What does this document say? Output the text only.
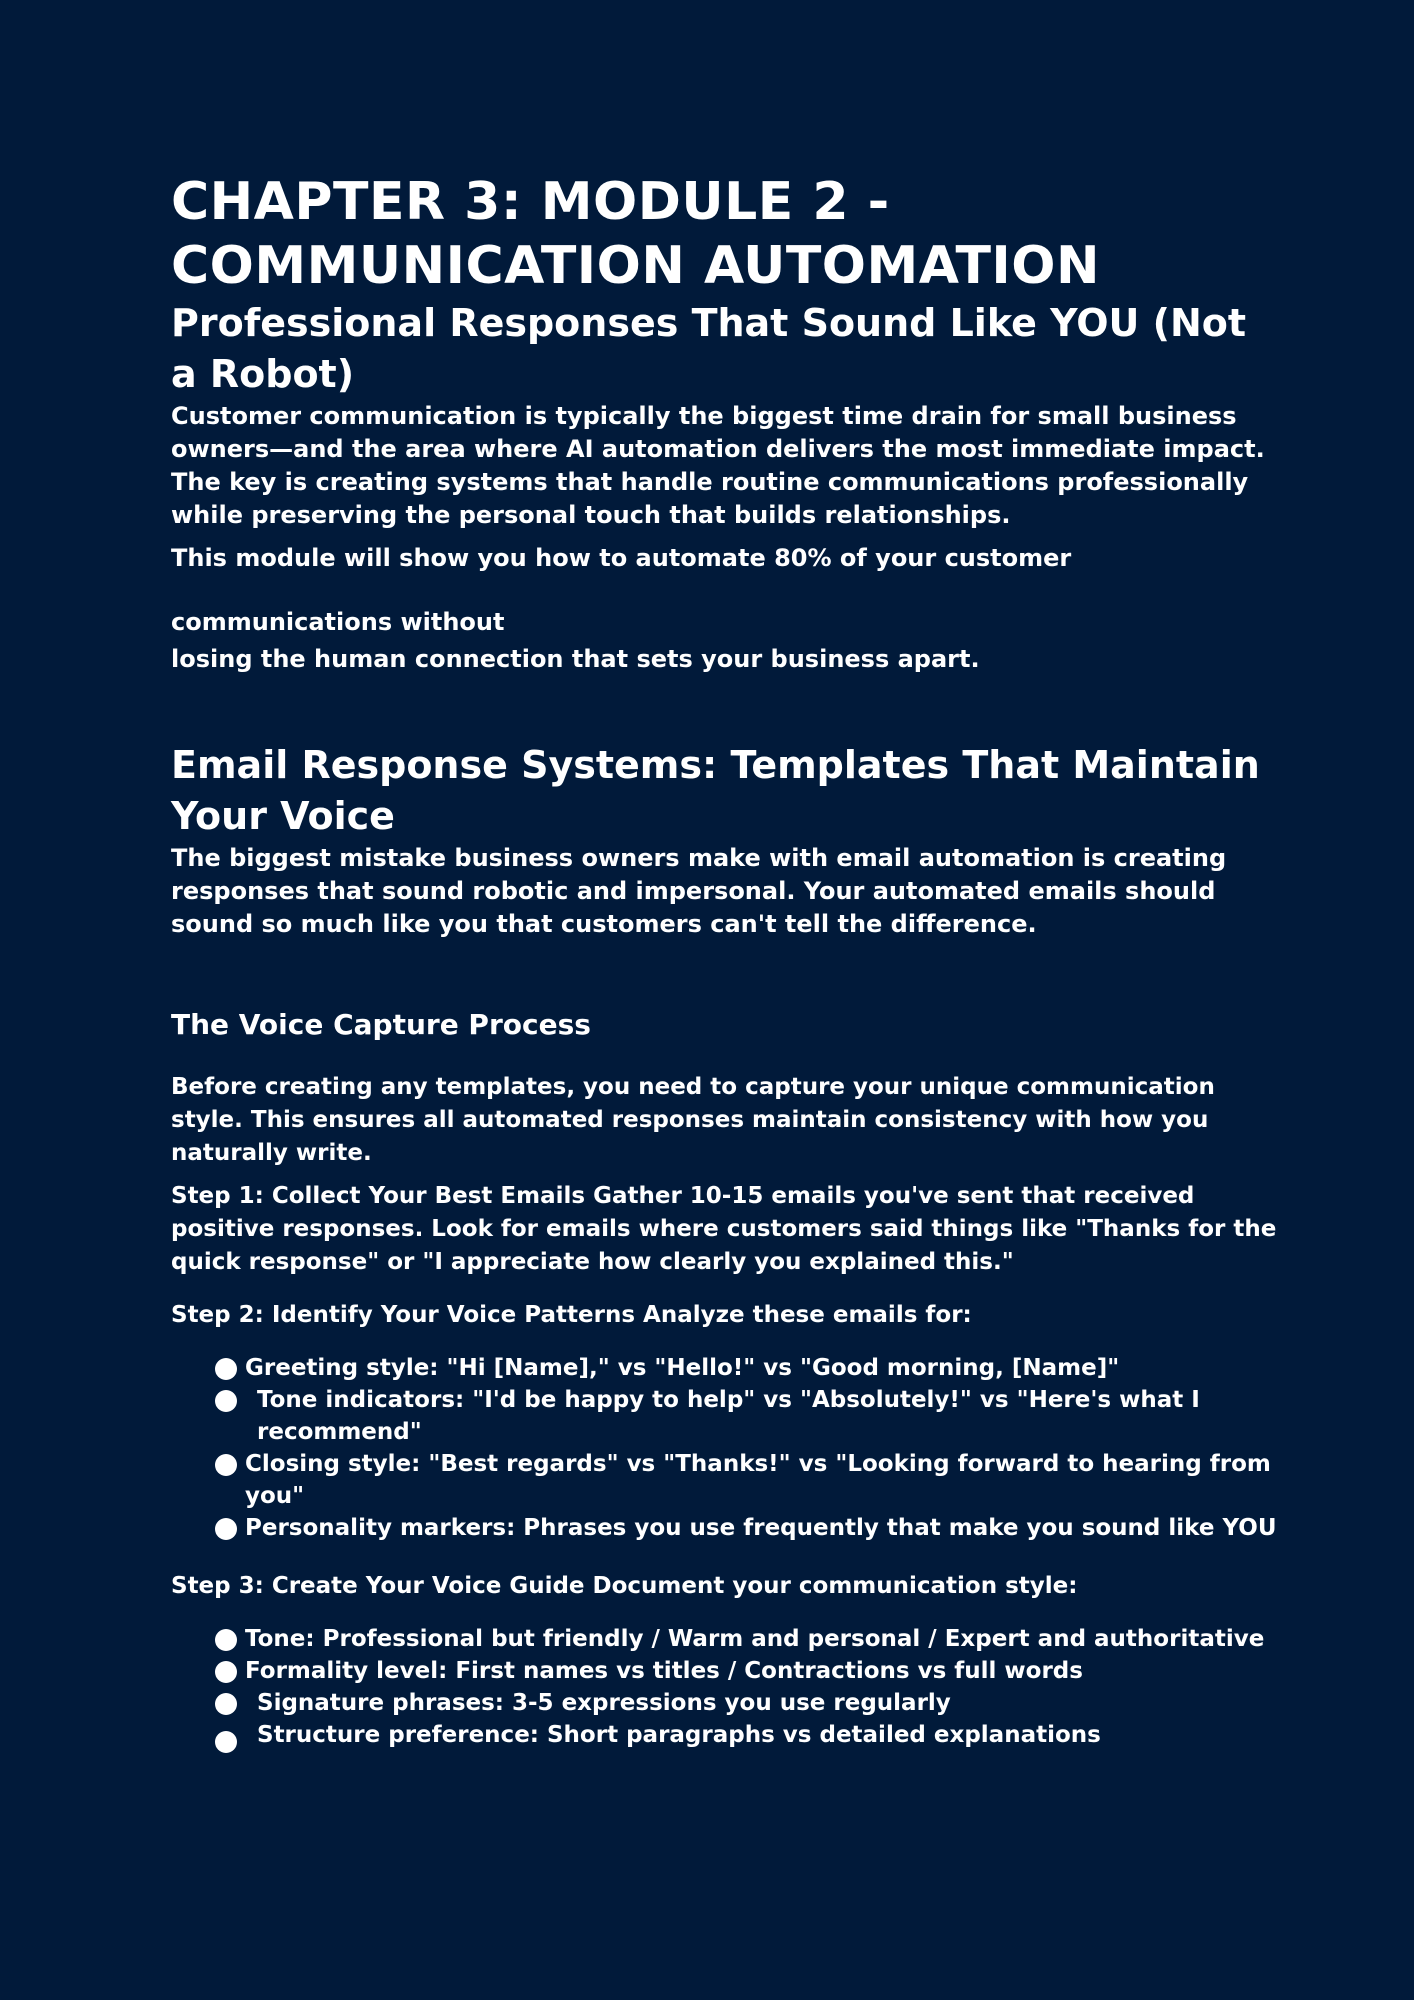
CHAPTER 3: MODULE 2 -
COMMUNICATION AUTOMATION
Professional Responses That Sound Like YOU (Not a Robot)

Customer communication is typically the biggest time drain for small business owners—and the area where AI automation delivers the most immediate impact. The key is creating systems that handle routine communications professionally while preserving the personal touch that builds relationships.

This module will show you how to automate 80% of your customer

communications without

losing the human connection that sets your business apart.

Email Response Systems: Templates That Maintain Your Voice

The biggest mistake business owners make with email automation is creating responses that sound robotic and impersonal. Your automated emails should sound so much like you that customers can't tell the difference.

The Voice Capture Process

Before creating any templates, you need to capture your unique communication style. This ensures all automated responses maintain consistency with how you naturally write.

Step 1: Collect Your Best Emails Gather 10-15 emails you've sent that received positive responses. Look for emails where customers said things like "Thanks for the quick response" or "I appreciate how clearly you explained this."

Step 2: Identify Your Voice Patterns Analyze these emails for:

Greeting style: "Hi [Name]," vs "Hello!" vs "Good morning, [Name]"
Tone indicators: "I'd be happy to help" vs "Absolutely!" vs "Here's what I recommend"
Closing style: "Best regards" vs "Thanks!" vs "Looking forward to hearing from you"
Personality markers: Phrases you use frequently that make you sound like YOU

Step 3: Create Your Voice Guide Document your communication style:

Tone: Professional but friendly / Warm and personal / Expert and authoritative
Formality level: First names vs titles / Contractions vs full words
Signature phrases: 3-5 expressions you use regularly
Structure preference: Short paragraphs vs detailed explanations
